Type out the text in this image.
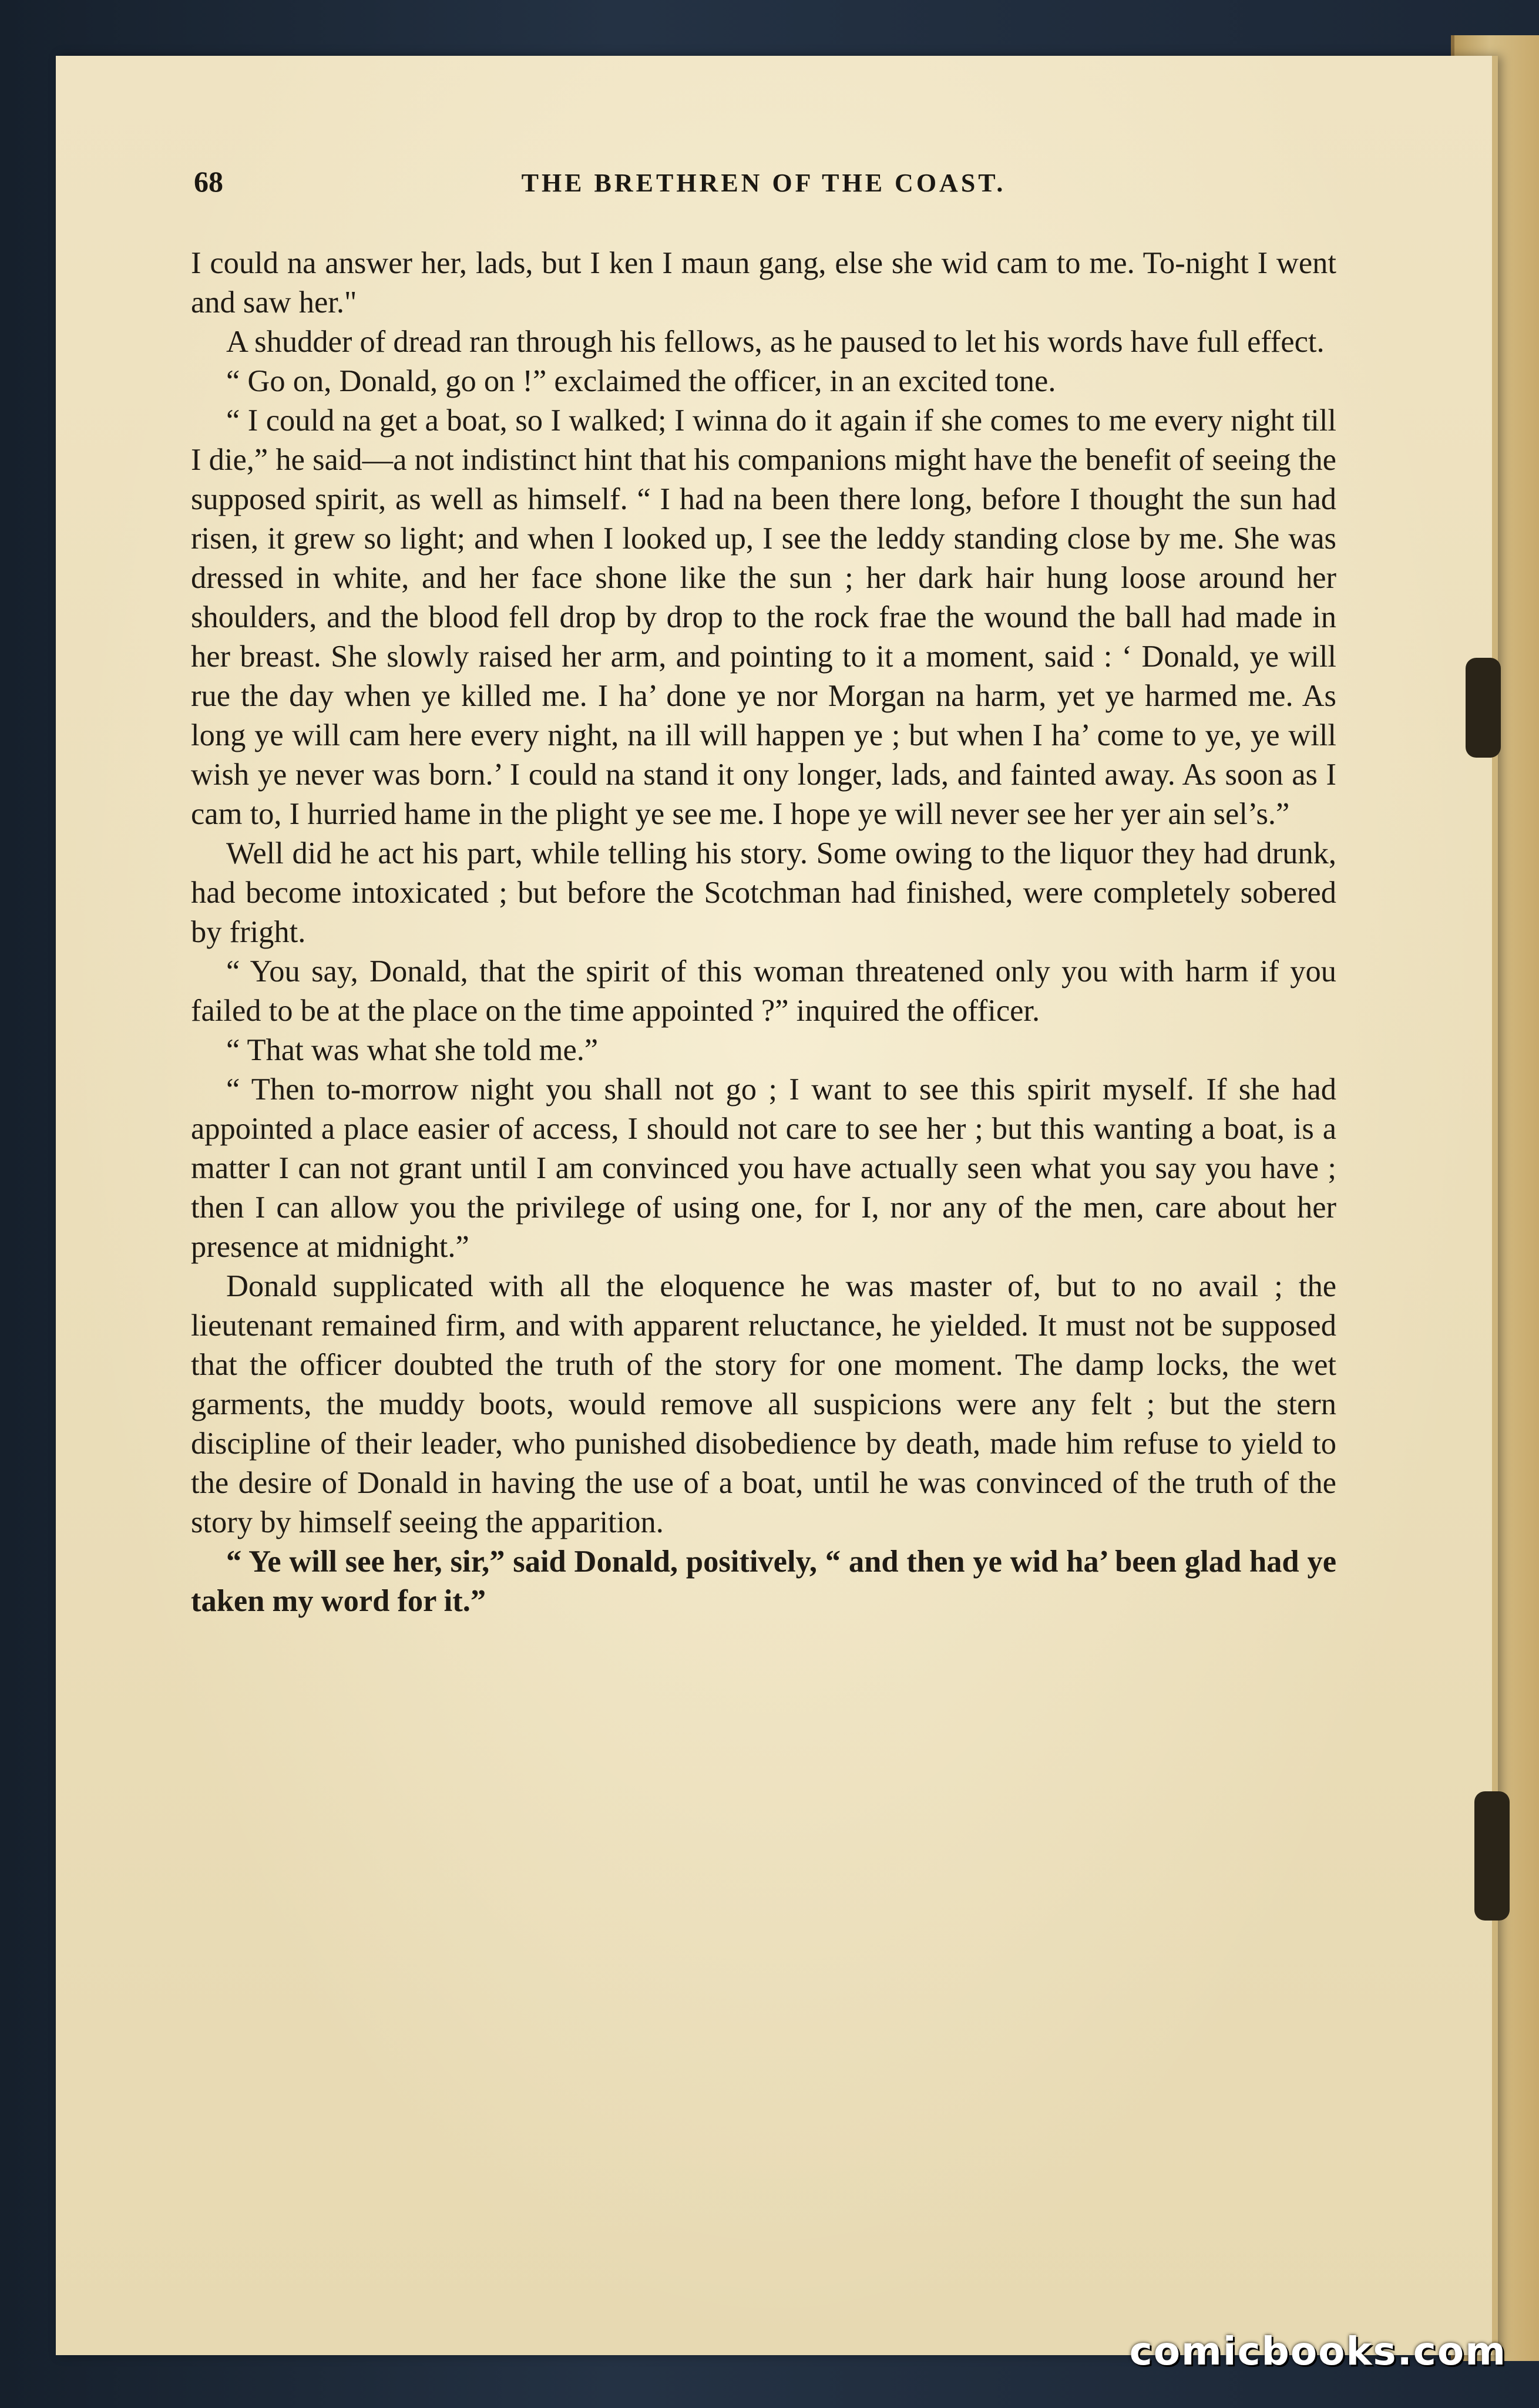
68	THE BRETHREN OF THE COAST.

I could na answer her, lads, but I ken I maun gang, else she wid cam to me. To-night I went and saw her."

A shudder of dread ran through his fellows, as he paused to let his words have full effect.

“ Go on, Donald, go on !” exclaimed the officer, in an excited tone.

“ I could na get a boat, so I walked; I winna do it again if she comes to me every night till I die,” he said—a not indistinct hint that his companions might have the benefit of seeing the supposed spirit, as well as himself. “ I had na been there long, before I thought the sun had risen, it grew so light; and when I looked up, I see the leddy standing close by me. She was dressed in white, and her face shone like the sun ; her dark hair hung loose around her shoulders, and the blood fell drop by drop to the rock frae the wound the ball had made in her breast. She slowly raised her arm, and pointing to it a moment, said : ‘ Donald, ye will rue the day when ye killed me. I ha’ done ye nor Morgan na harm, yet ye harmed me. As long ye will cam here every night, na ill will happen ye ; but when I ha’ come to ye, ye will wish ye never was born.’ I could na stand it ony longer, lads, and fainted away. As soon as I cam to, I hurried hame in the plight ye see me. I hope ye will never see her yer ain sel’s.”

Well did he act his part, while telling his story. Some owing to the liquor they had drunk, had become intoxicated ; but before the Scotchman had finished, were completely sobered by fright.

“ You say, Donald, that the spirit of this woman threatened only you with harm if you failed to be at the place on the time appointed ?” inquired the officer.

“ That was what she told me.”

“ Then to-morrow night you shall not go ; I want to see this spirit myself. If she had appointed a place easier of access, I should not care to see her ; but this wanting a boat, is a matter I can not grant until I am convinced you have actually seen what you say you have ; then I can allow you the privilege of using one, for I, nor any of the men, care about her presence at midnight.”

Donald supplicated with all the eloquence he was master of, but to no avail ; the lieutenant remained firm, and with apparent reluctance, he yielded. It must not be supposed that the officer doubted the truth of the story for one moment. The damp locks, the wet garments, the muddy boots, would remove all suspicions were any felt ; but the stern discipline of their leader, who punished disobedience by death, made him refuse to yield to the desire of Donald in having the use of a boat, until he was convinced of the truth of the story by himself seeing the apparition.

“ Ye will see her, sir,” said Donald, positively, “ and then ye wid ha’ been glad had ye taken my word for it.”

comicbooks.com
